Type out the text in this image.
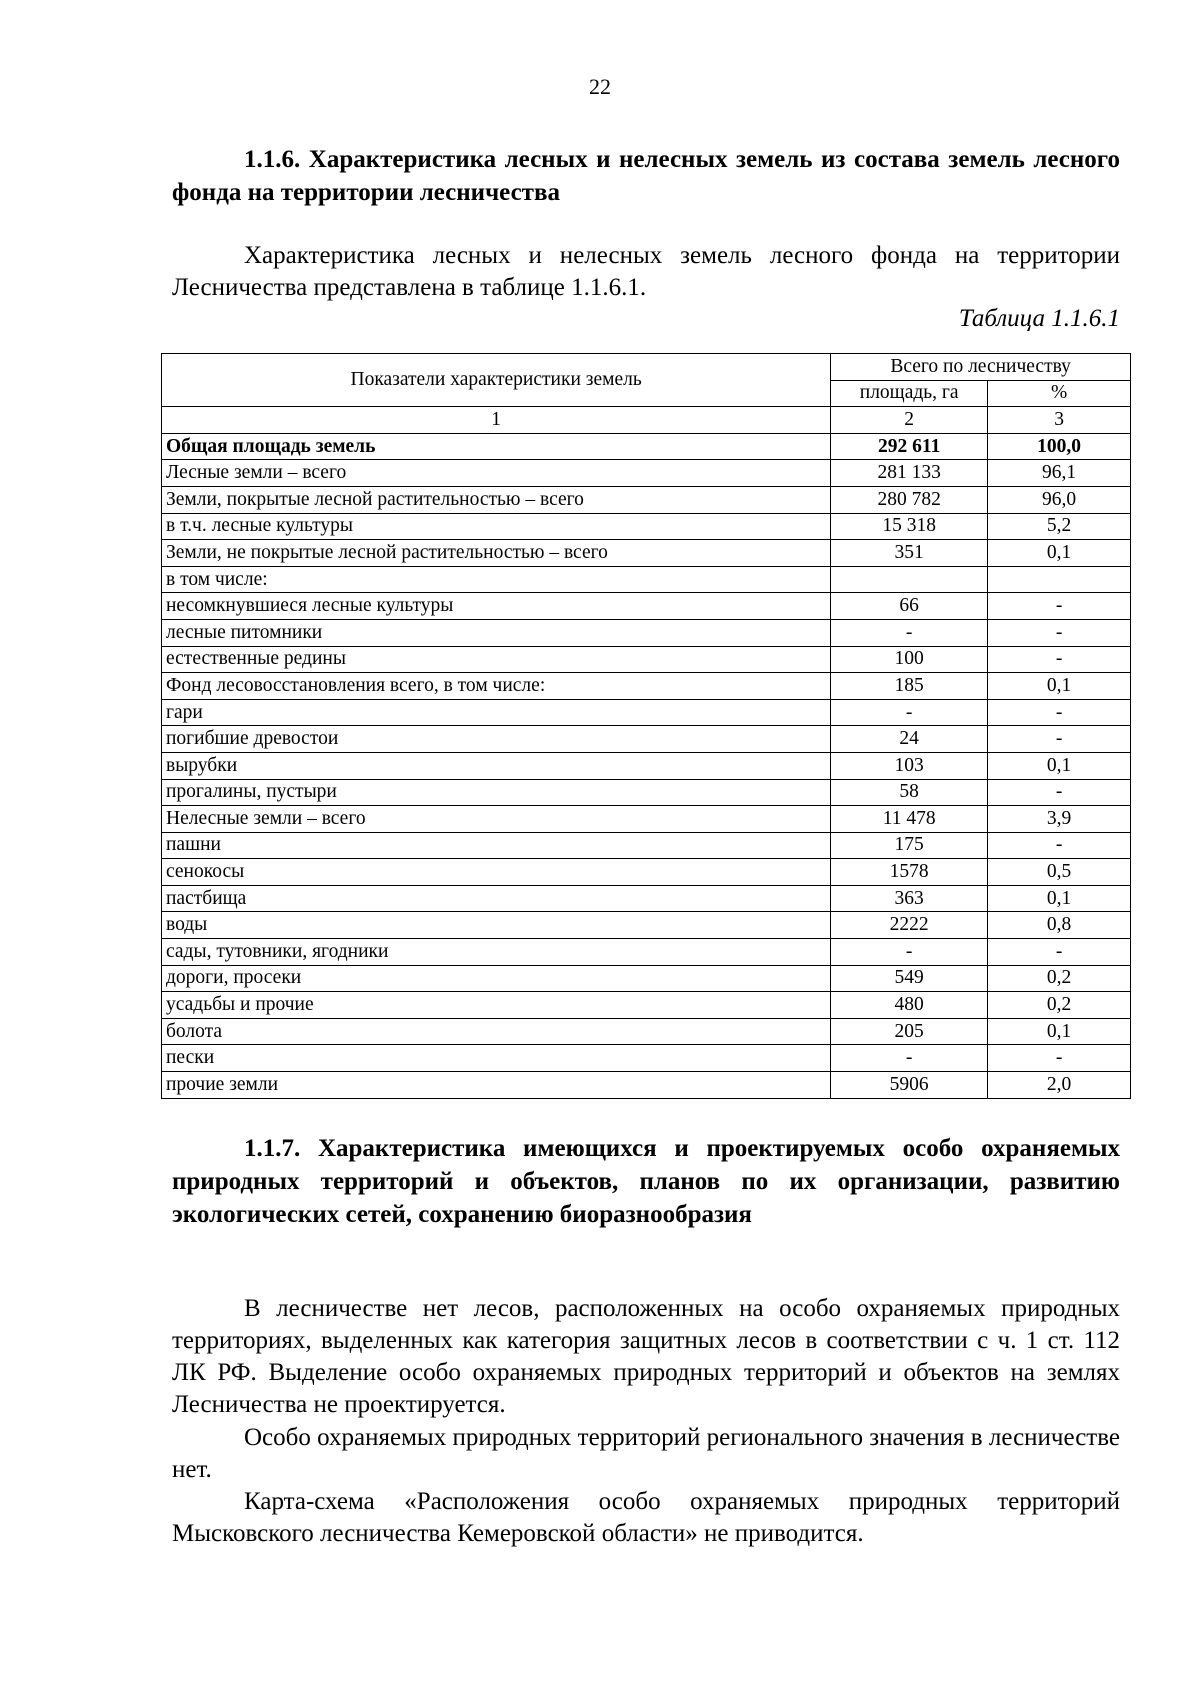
22
1.1.6. Характеристика лесных и нелесных земель из состава земель лесного фонда на территории лесничества
Характеристика лесных и нелесных земель лесного фонда на территории Лесничества представлена в таблице 1.1.6.1.
Таблица 1.1.6.1
Показатели характеристики земель	Всего по лесничеству	
	площадь, га	%
1	2	3
Общая площадь земель	292 611	100,0
Лесные земли – всего	281 133	96,1
Земли, покрытые лесной растительностью – всего	280 782	96,0
в т.ч. лесные культуры	15 318	5,2
Земли, не покрытые лесной растительностью – всего	351	0,1
в том числе:		
несомкнувшиеся лесные культуры	66	-
лесные питомники	-	-
естественные редины	100	-
Фонд лесовосстановления всего, в том числе:	185	0,1
гари	-	-
погибшие древостои	24	-
вырубки	103	0,1
прогалины, пустыри	58	-
Нелесные земли – всего	11 478	3,9
пашни	175	-
сенокосы	1578	0,5
пастбища	363	0,1
воды	2222	0,8
сады, тутовники, ягодники	-	-
дороги, просеки	549	0,2
усадьбы и прочие	480	0,2
болота	205	0,1
пески	-	-
прочие земли	5906	2,0
1.1.7. Характеристика имеющихся и проектируемых особо охраняемых природных территорий и объектов, планов по их организации, развитию экологических сетей, сохранению биоразнообразия
В лесничестве нет лесов, расположенных на особо охраняемых природных территориях, выделенных как категория защитных лесов в соответствии с ч. 1 ст. 112 ЛК РФ. Выделение особо охраняемых природных территорий и объектов на землях Лесничества не проектируется.
Особо охраняемых природных территорий регионального значения в лесничестве нет.
Карта-схема «Расположения особо охраняемых природных территорий Мысковского лесничества Кемеровской области» не приводится.
